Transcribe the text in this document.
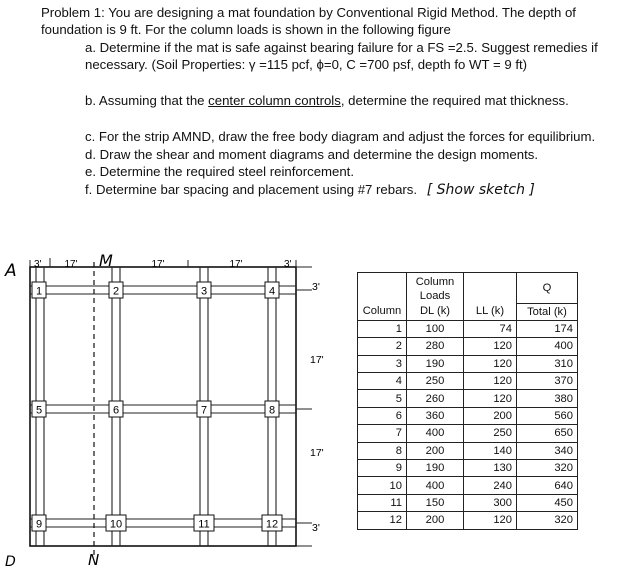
Problem 1: You are designing a mat foundation by Conventional Rigid Method. The depth of
foundation is 9 ft. For the column loads is shown in the following figure
a. Determine if the mat is safe against bearing failure for a FS =2.5. Suggest remedies if
necessary. (Soil Properties: γ =115 pcf, ϕ=0, C =700 psf, depth fo WT = 9 ft)
b. Assuming that the center column controls, determine the required mat thickness.
c. For the strip AMND, draw the free body diagram and adjust the forces for equilibrium.
d. Draw the shear and moment diagrams and determine the design moments.
e. Determine the required steel reinforcement.
f. Determine bar spacing and placement using #7 rebars. [ Show sketch ]
1	2	3	4
5	6	7	8
9	10	11	12
3' 17'	17'	17'	3'
3'
17'
17'
3'
A
M
D	N
	Column Loads		Q
Column	DL (k)	LL (k)	Total (k)
1	100	74	174
2	280	120	400
3	190	120	310
4	250	120	370
5	260	120	380
6	360	200	560
7	400	250	650
8	200	140	340
9	190	130	320
10	400	240	640
11	150	300	450
12	200	120	320
